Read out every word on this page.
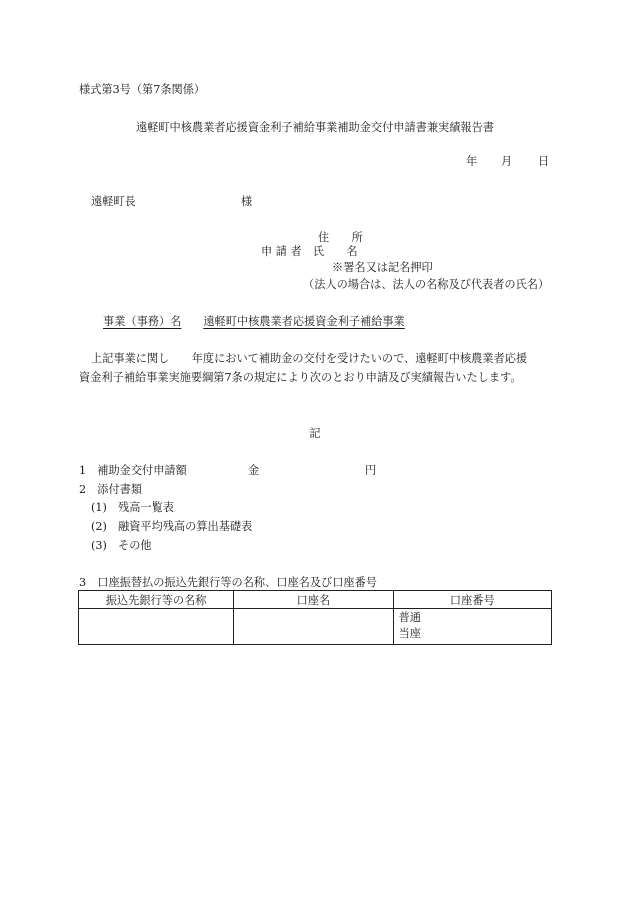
様式第3号（第7条関係）
遠軽町中核農業者応援資金利子補給事業補助金交付申請書兼実績報告書
年 月 日
遠軽町長	様
住　　所
申 請 者　氏　　名
※署名又は記名押印
（法人の場合は、法人の名称及び代表者の氏名）
事業（事務）名 遠軽町中核農業者応援資金利子補給事業
上記事業に関し　　年度において補助金の交付を受けたいので、遠軽町中核農業者応援
資金利子補給事業実施要綱第7条の規定により次のとおり申請及び実績報告いたします。
記
1　補助金交付申請額	金	円
2　添付書類
(1)　残高一覧表
(2)　融資平均残高の算出基礎表
(3)　その他
3　口座振替払の振込先銀行等の名称、口座名及び口座番号
振込先銀行等の名称	口座名	口座番号

		普通
当座
